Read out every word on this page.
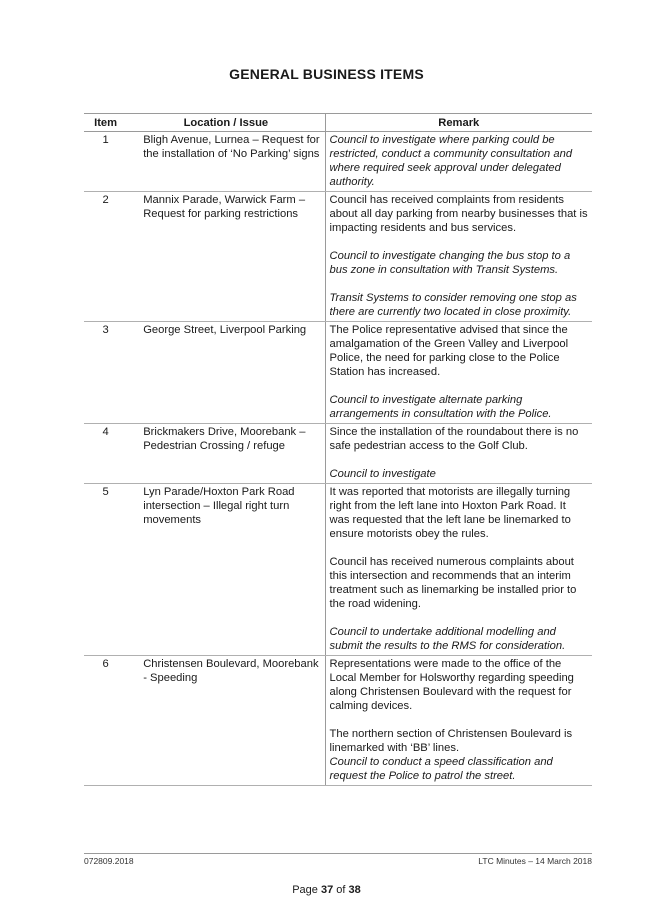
GENERAL BUSINESS ITEMS
Item	Location / Issue	Remark
1	Bligh Avenue, Lurnea – Request for the installation of ‘No Parking’ signs	Council to investigate where parking could be restricted, conduct a community consultation and where required seek approval under delegated authority.

2	Mannix Parade, Warwick Farm – Request for parking restrictions	Council has received complaints from residents about all day parking from nearby businesses that is impacting residents and bus services.

Council to investigate changing the bus stop to a bus zone in consultation with Transit Systems.

Transit Systems to consider removing one stop as there are currently two located in close proximity.

3	George Street, Liverpool Parking	The Police representative advised that since the amalgamation of the Green Valley and Liverpool Police, the need for parking close to the Police Station has increased.

Council to investigate alternate parking arrangements in consultation with the Police.

4	Brickmakers Drive, Moorebank – Pedestrian Crossing / refuge	Since the installation of the roundabout there is no safe pedestrian access to the Golf Club.

Council to investigate

5	Lyn Parade/Hoxton Park Road intersection – Illegal right turn movements	It was reported that motorists are illegally turning right from the left lane into Hoxton Park Road. It was requested that the left lane be linemarked to ensure motorists obey the rules.

Council has received numerous complaints about this intersection and recommends that an interim treatment such as linemarking be installed prior to the road widening.

Council to undertake additional modelling and submit the results to the RMS for consideration.

6	Christensen Boulevard, Moorebank - Speeding	Representations were made to the office of the Local Member for Holsworthy regarding speeding along Christensen Boulevard with the request for calming devices.

The northern section of Christensen Boulevard is linemarked with ‘BB’ lines.

Council to conduct a speed classification and request the Police to patrol the street.

072809.2018	LTC Minutes – 14 March 2018
Page 37 of 38
